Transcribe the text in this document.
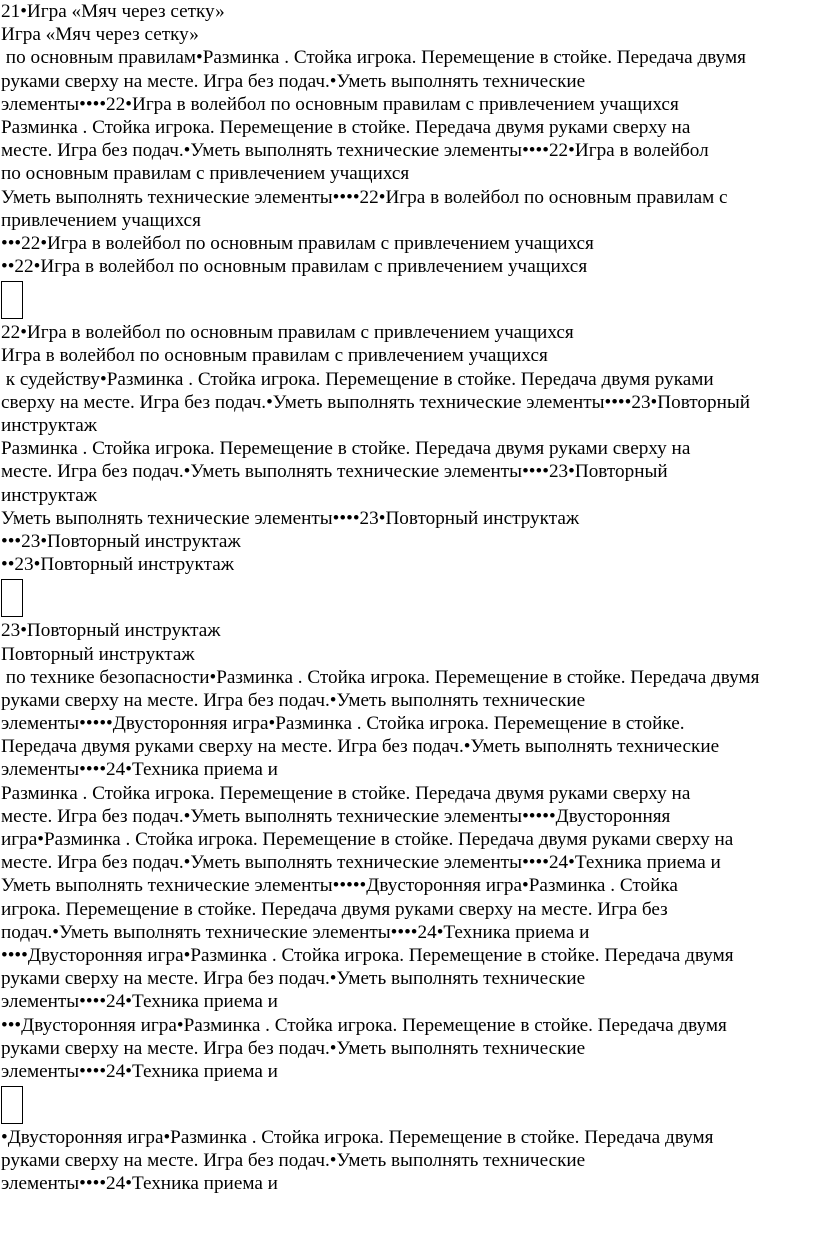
21•Игра «Мяч через сетку»
Игра «Мяч через сетку»
по основным правилам•Разминка . Стойка игрока. Перемещение в стойке. Передача двумя
руками сверху на месте. Игра без подач.•Уметь выполнять технические
элементы••••22•Игра в волейбол по основным правилам с привлечением учащихся
Разминка . Стойка игрока. Перемещение в стойке. Передача двумя руками сверху на
месте. Игра без подач.•Уметь выполнять технические элементы••••22•Игра в волейбол
по основным правилам с привлечением учащихся
Уметь выполнять технические элементы••••22•Игра в волейбол по основным правилам с
привлечением учащихся
•••22•Игра в волейбол по основным правилам с привлечением учащихся
••22•Игра в волейбол по основным правилам с привлечением учащихся
22•Игра в волейбол по основным правилам с привлечением учащихся
Игра в волейбол по основным правилам с привлечением учащихся
к судейству•Разминка . Стойка игрока. Перемещение в стойке. Передача двумя руками
сверху на месте. Игра без подач.•Уметь выполнять технические элементы••••23•Повторный
инструктаж
Разминка . Стойка игрока. Перемещение в стойке. Передача двумя руками сверху на
месте. Игра без подач.•Уметь выполнять технические элементы••••23•Повторный
инструктаж
Уметь выполнять технические элементы••••23•Повторный инструктаж
•••23•Повторный инструктаж
••23•Повторный инструктаж
23•Повторный инструктаж
Повторный инструктаж
по технике безопасности•Разминка . Стойка игрока. Перемещение в стойке. Передача двумя
руками сверху на месте. Игра без подач.•Уметь выполнять технические
элементы•••••Двусторонняя игра•Разминка . Стойка игрока. Перемещение в стойке.
Передача двумя руками сверху на месте. Игра без подач.•Уметь выполнять технические
элементы••••24•Техника приема и
Разминка . Стойка игрока. Перемещение в стойке. Передача двумя руками сверху на
месте. Игра без подач.•Уметь выполнять технические элементы•••••Двусторонняя
игра•Разминка . Стойка игрока. Перемещение в стойке. Передача двумя руками сверху на
месте. Игра без подач.•Уметь выполнять технические элементы••••24•Техника приема и
Уметь выполнять технические элементы•••••Двусторонняя игра•Разминка . Стойка
игрока. Перемещение в стойке. Передача двумя руками сверху на месте. Игра без
подач.•Уметь выполнять технические элементы••••24•Техника приема и
••••Двусторонняя игра•Разминка . Стойка игрока. Перемещение в стойке. Передача двумя
руками сверху на месте. Игра без подач.•Уметь выполнять технические
элементы••••24•Техника приема и
•••Двусторонняя игра•Разминка . Стойка игрока. Перемещение в стойке. Передача двумя
руками сверху на месте. Игра без подач.•Уметь выполнять технические
элементы••••24•Техника приема и
•Двусторонняя игра•Разминка . Стойка игрока. Перемещение в стойке. Передача двумя
руками сверху на месте. Игра без подач.•Уметь выполнять технические
элементы••••24•Техника приема и
